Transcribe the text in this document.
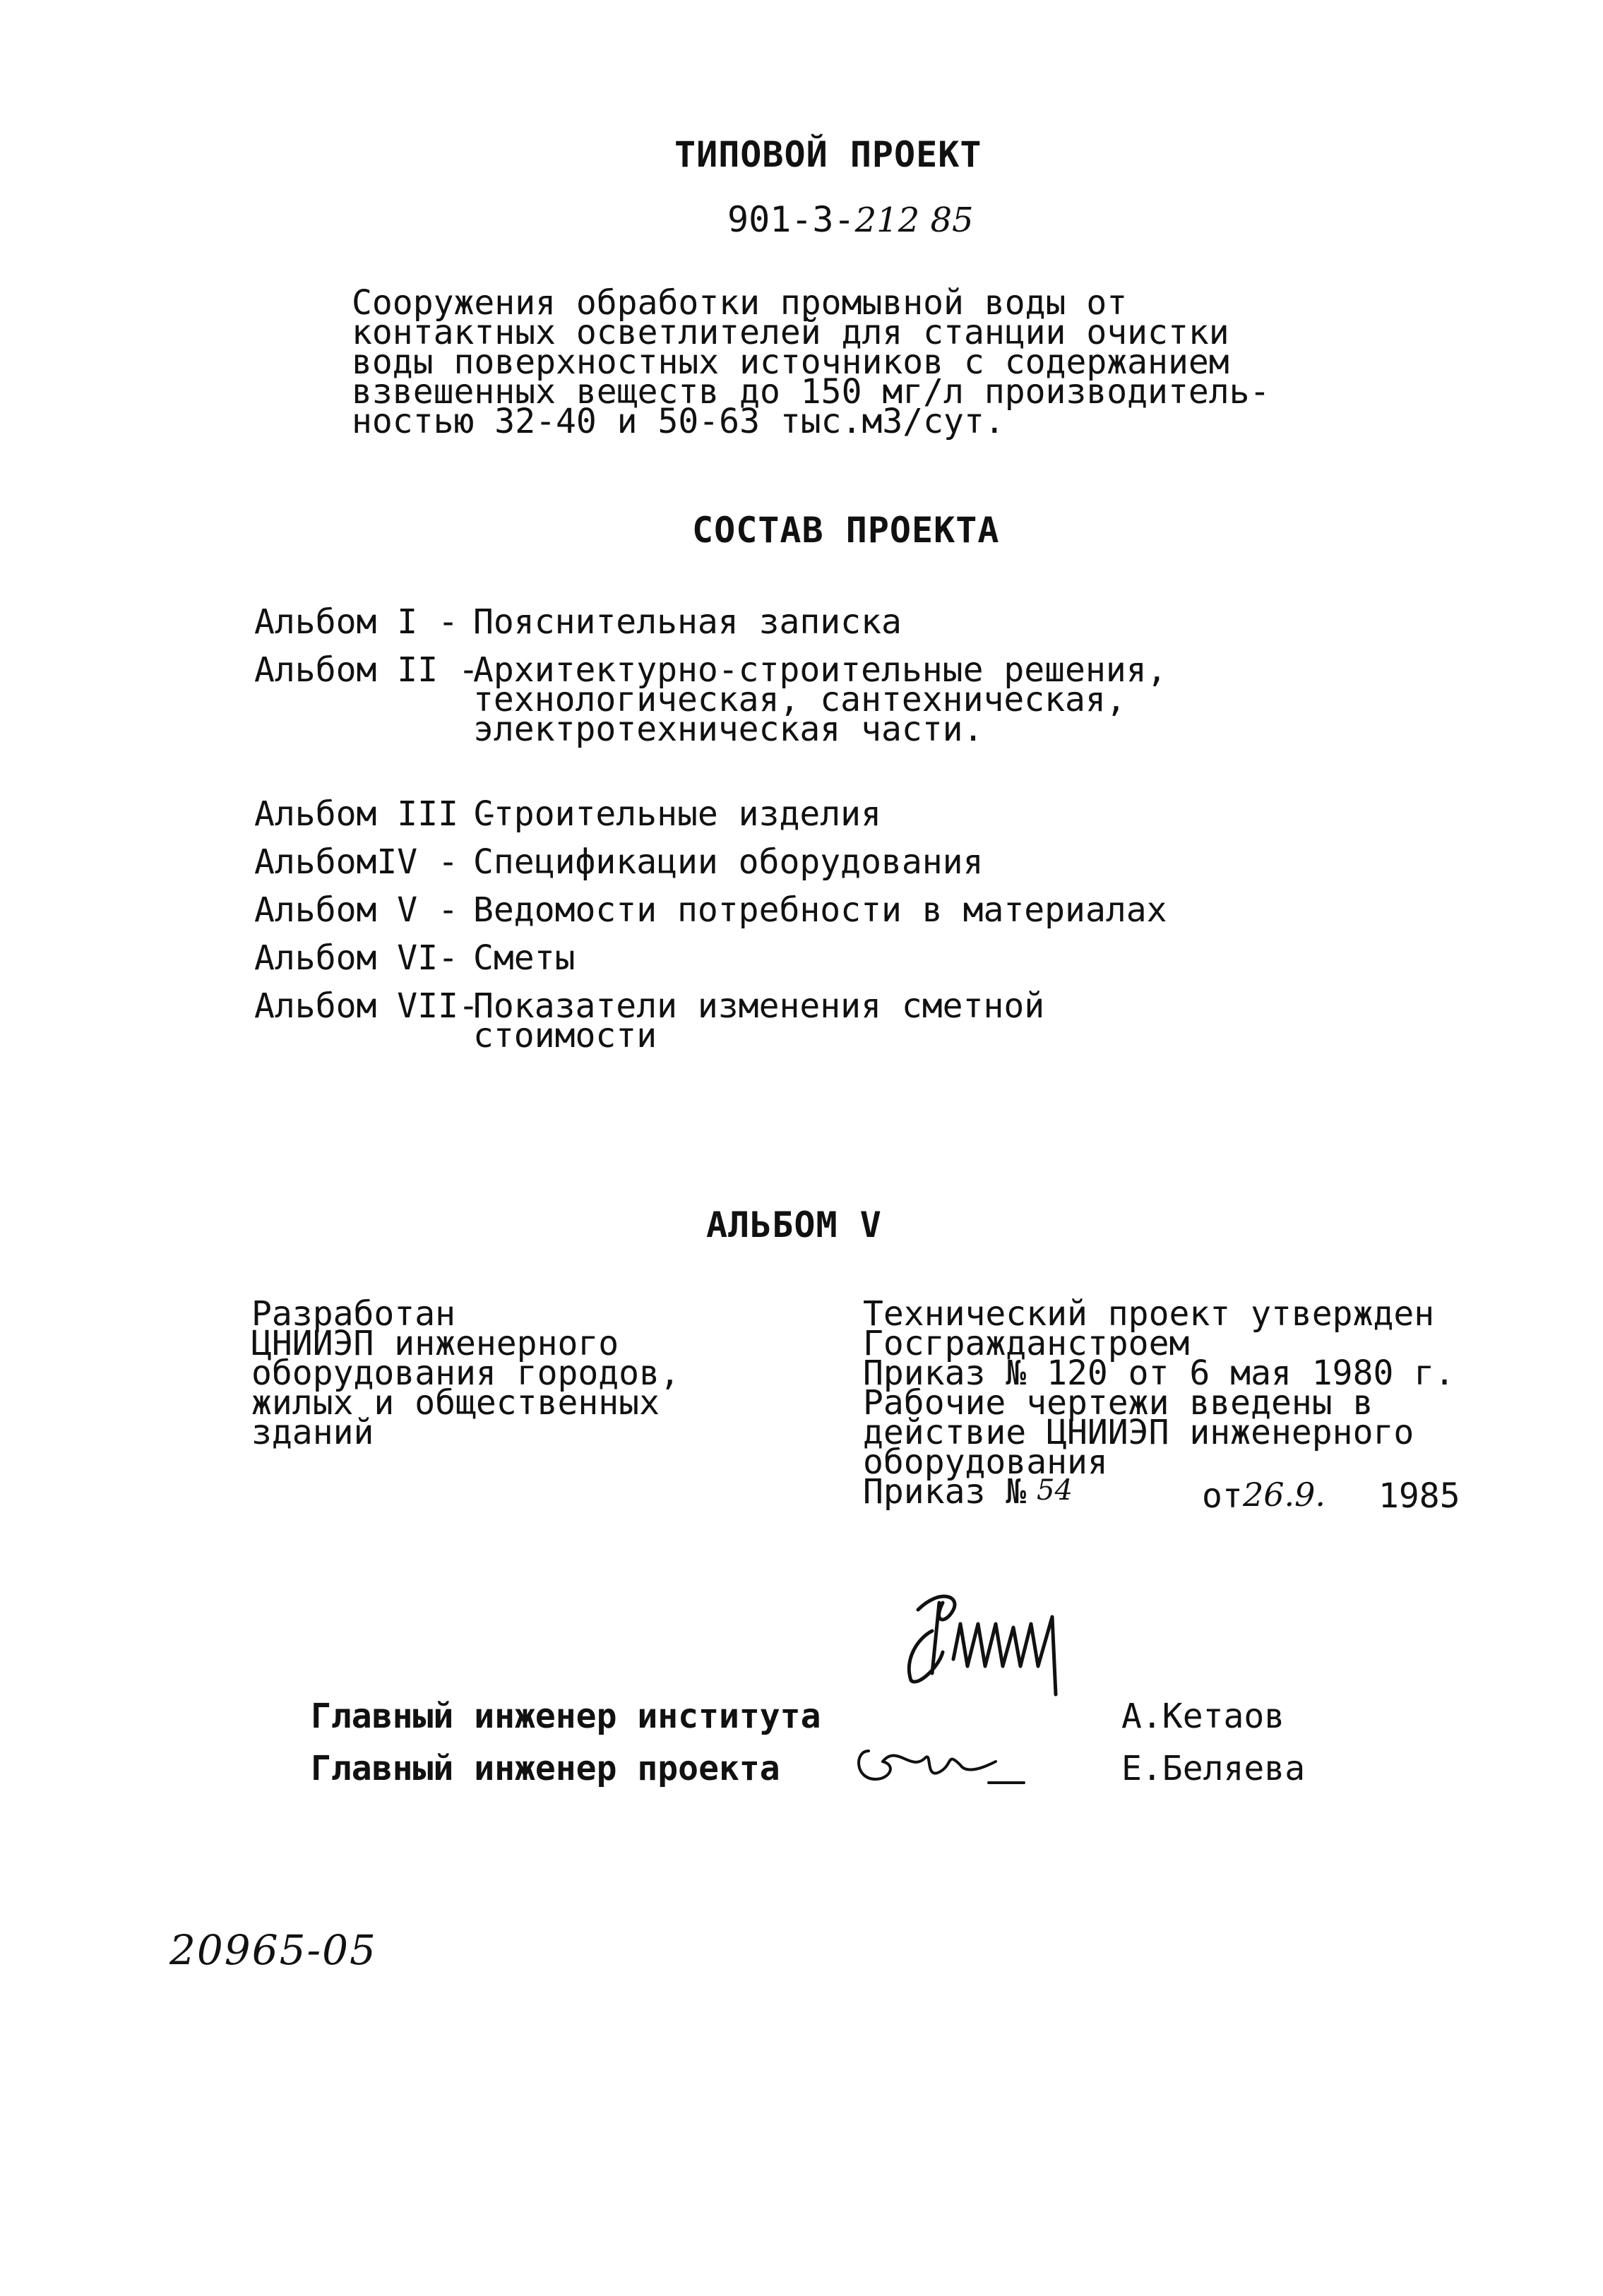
ТИПОВОЙ ПРОЕКТ
901-3-212 85
Сооружения обработки промывной воды от
контактных осветлителей для станции очистки
воды поверхностных источников с содержанием
взвешенных веществ до 150 мг/л производитель-
ностью 32-40 и 50-63 тыс.м3/сут.
СОСТАВ ПРОЕКТА
Альбом I - Пояснительная записка
Альбом II -
Архитектурно-строительные решения,
технологическая, сантехническая,
электротехническая части.
Альбом III -
Строительные изделия
АльбомIV - Спецификации оборудования
Альбом V - Ведомости потребности в материалах
Альбом VI- Сметы
Альбом VII-
Показатели изменения сметной
стоимости
АЛЬБОМ V
Разработан
ЦНИИЭП инженерного
оборудования городов,
жилых и общественных
зданий
Технический проект утвержден
Госгражданстроем
Приказ № 120 от 6 мая 1980 г.
Рабочие чертежи введены в
действие ЦНИИЭП инженерного
оборудования
Приказ № 54	от 26.9. 1985
Главный инженер института
Главный инженер проекта
А.Кетаов
Е.Беляева
20965-05
